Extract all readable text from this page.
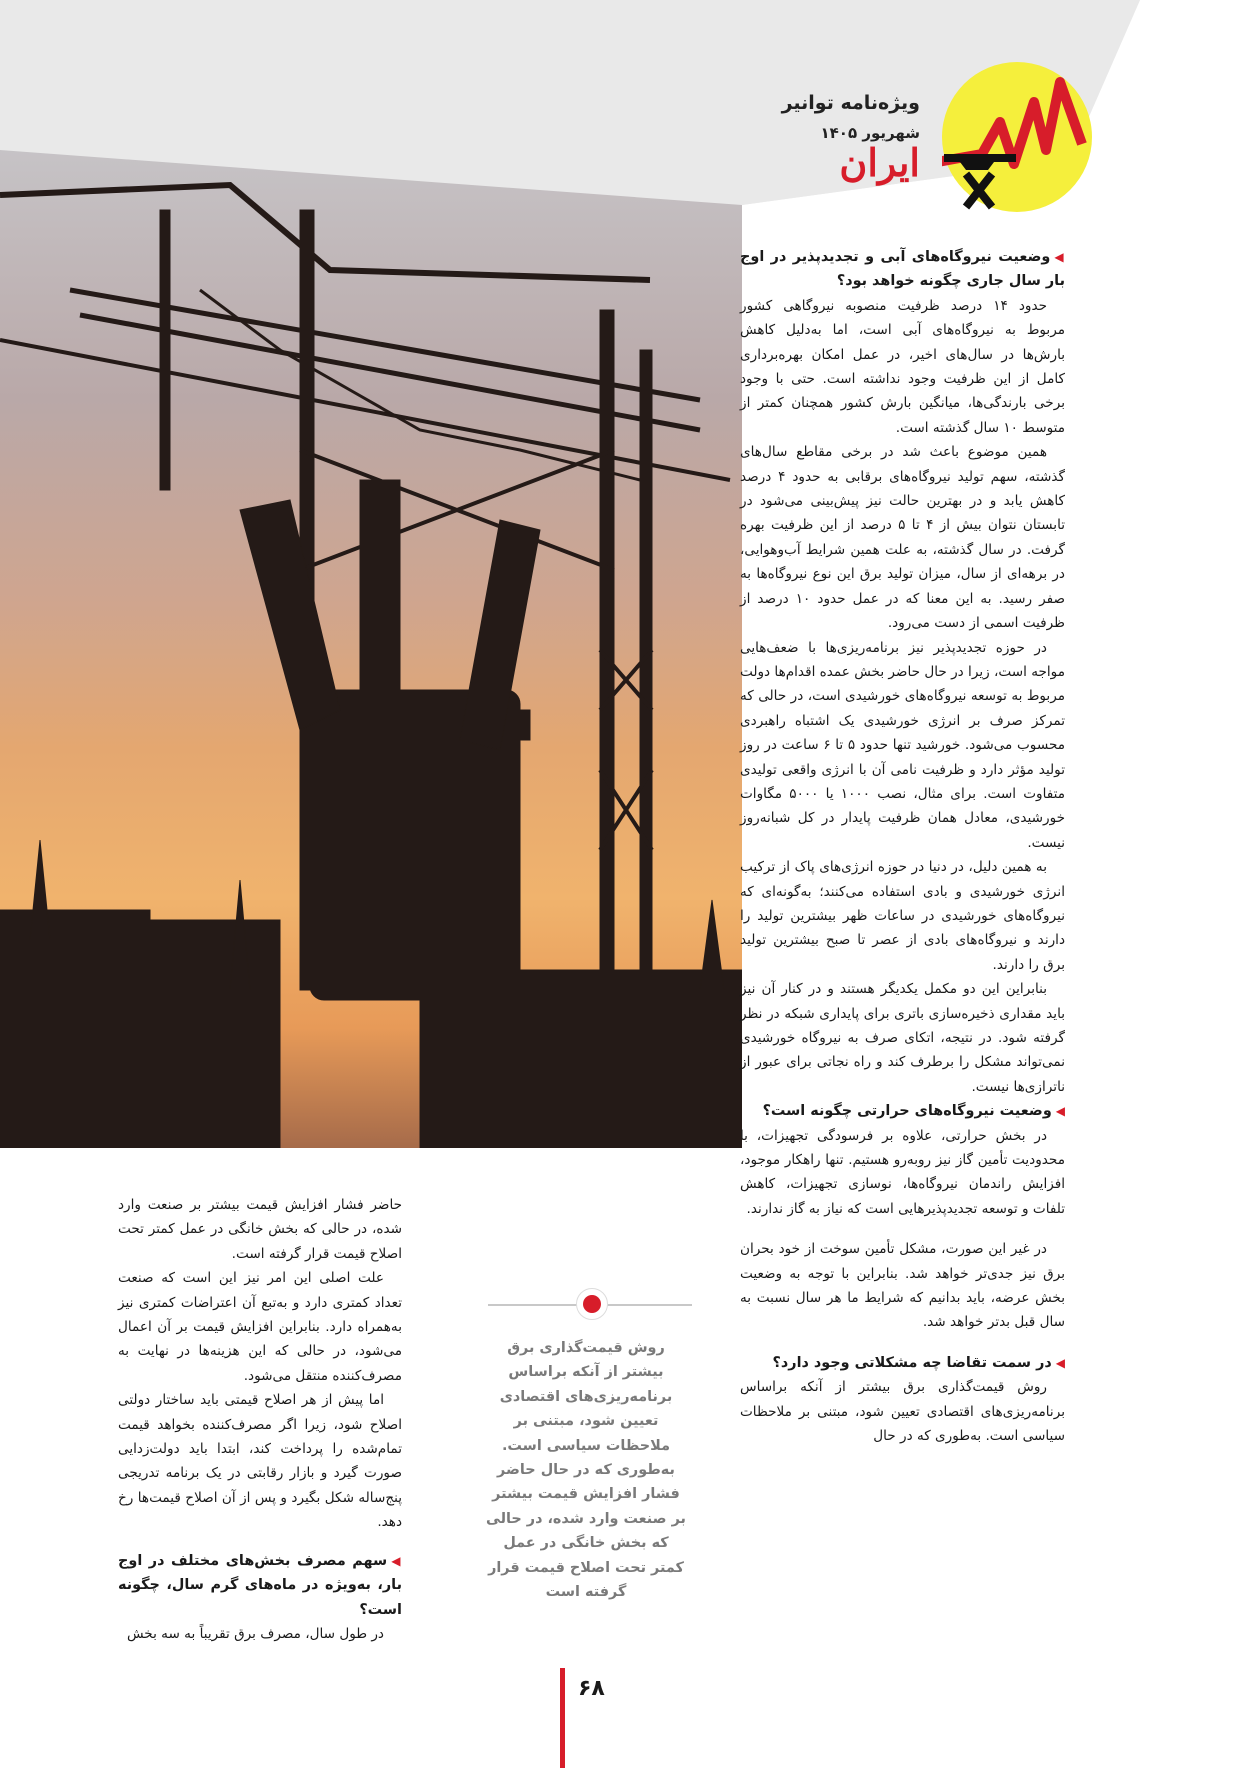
ویژه‌نامه توانیر
شهریور ۱۴۰۵
ایران
◀وضعیت نیروگاه‌های آبی و تجدیدپذیر در اوج بار سال جاری چگونه خواهد بود؟

حدود ۱۴ درصد ظرفیت منصوبه نیروگاهی کشور مربوط به نیروگاه‌های آبی است، اما به‌دلیل کاهش بارش‌ها در سال‌های اخیر، در عمل امکان بهره‌برداری کامل از این ظرفیت وجود نداشته است. حتی با وجود برخی بارندگی‌ها، میانگین بارش کشور همچنان کمتر از متوسط ۱۰ سال گذشته است.

همین موضوع باعث شد در برخی مقاطع سال‌های گذشته، سهم تولید نیروگاه‌های برقابی به حدود ۴ درصد کاهش یابد و در بهترین حالت نیز پیش‌بینی می‌شود در تابستان نتوان بیش از ۴ تا ۵ درصد از این ظرفیت بهره گرفت. در سال گذشته، به علت همین شرایط آب‌وهوایی، در برهه‌ای از سال، میزان تولید برق این نوع نیروگاه‌ها به صفر رسید. به این معنا که در عمل حدود ۱۰ درصد از ظرفیت اسمی از دست می‌رود.

در حوزه تجدیدپذیر نیز برنامه‌ریزی‌ها با ضعف‌هایی مواجه است، زیرا در حال حاضر بخش عمده اقدام‌ها دولت مربوط به توسعه نیروگاه‌های خورشیدی است، در حالی که تمرکز صرف بر انرژی خورشیدی یک اشتباه راهبردی محسوب می‌شود. خورشید تنها حدود ۵ تا ۶ ساعت در روز تولید مؤثر دارد و ظرفیت نامی آن با انرژی واقعی تولیدی متفاوت است. برای مثال، نصب ۱۰۰۰ یا ۵۰۰۰ مگاوات خورشیدی، معادل همان ظرفیت پایدار در کل شبانه‌روز نیست.

به همین دلیل، در دنیا در حوزه انرژی‌های پاک از ترکیب انرژی خورشیدی و بادی استفاده می‌کنند؛ به‌گونه‌ای که نیروگاه‌های خورشیدی در ساعات ظهر بیشترین تولید را دارند و نیروگاه‌های بادی از عصر تا صبح بیشترین تولید برق را دارند.

بنابراین این دو مکمل یکدیگر هستند و در کنار آن نیز باید مقداری ذخیره‌سازی باتری برای پایداری شبکه در نظر گرفته شود. در نتیجه، اتکای صرف به نیروگاه خورشیدی نمی‌تواند مشکل را برطرف کند و راه نجاتی برای عبور از ناترازی‌ها نیست.

◀وضعیت نیروگاه‌های حرارتی چگونه است؟

در بخش حرارتی، علاوه بر فرسودگی تجهیزات، با محدودیت تأمین گاز نیز روبه‌رو هستیم. تنها راهکار موجود، افزایش راندمان نیروگاه‌ها، نوسازی تجهیزات، کاهش تلفات و توسعه تجدیدپذیرهایی است که نیاز به گاز ندارند.

در غیر این صورت، مشکل تأمین سوخت از خود بحران برق نیز جدی‌تر خواهد شد. بنابراین با توجه به وضعیت بخش عرضه، باید بدانیم که شرایط ما هر سال نسبت به سال قبل بدتر خواهد شد.

◀در سمت تقاضا چه مشکلاتی وجود دارد؟

روش قیمت‌گذاری برق بیشتر از آنکه براساس برنامه‌ریزی‌های اقتصادی تعیین شود، مبتنی بر ملاحظات سیاسی است. به‌طوری که در حال

روش قیمت‌گذاری برق بیشتر از آنکه براساس برنامه‌ریزی‌های اقتصادی تعیین شود، مبتنی بر ملاحظات سیاسی است. به‌طوری که در حال حاضر فشار افزایش قیمت بیشتر بر صنعت وارد شده، در حالی که بخش خانگی در عمل کمتر تحت اصلاح قیمت قرار گرفته است

حاضر فشار افزایش قیمت بیشتر بر صنعت وارد شده، در حالی که بخش خانگی در عمل کمتر تحت اصلاح قیمت قرار گرفته است.

علت اصلی این امر نیز این است که صنعت تعداد کمتری دارد و به‌تبع آن اعتراضات کمتری نیز به‌همراه دارد. بنابراین افزایش قیمت بر آن اعمال می‌شود، در حالی که این هزینه‌ها در نهایت به مصرف‌کننده منتقل می‌شود.

اما پیش از هر اصلاح قیمتی باید ساختار دولتی اصلاح شود، زیرا اگر مصرف‌کننده بخواهد قیمت تمام‌شده را پرداخت کند، ابتدا باید دولت‌زدایی صورت گیرد و بازار رقابتی در یک برنامه تدریجی پنج‌ساله شکل بگیرد و پس از آن اصلاح قیمت‌ها رخ دهد.

◀سهم مصرف بخش‌های مختلف در اوج بار، به‌ویژه در ماه‌های گرم سال، چگونه است؟

در طول سال، مصرف برق تقریباً به سه بخش

۶۸
